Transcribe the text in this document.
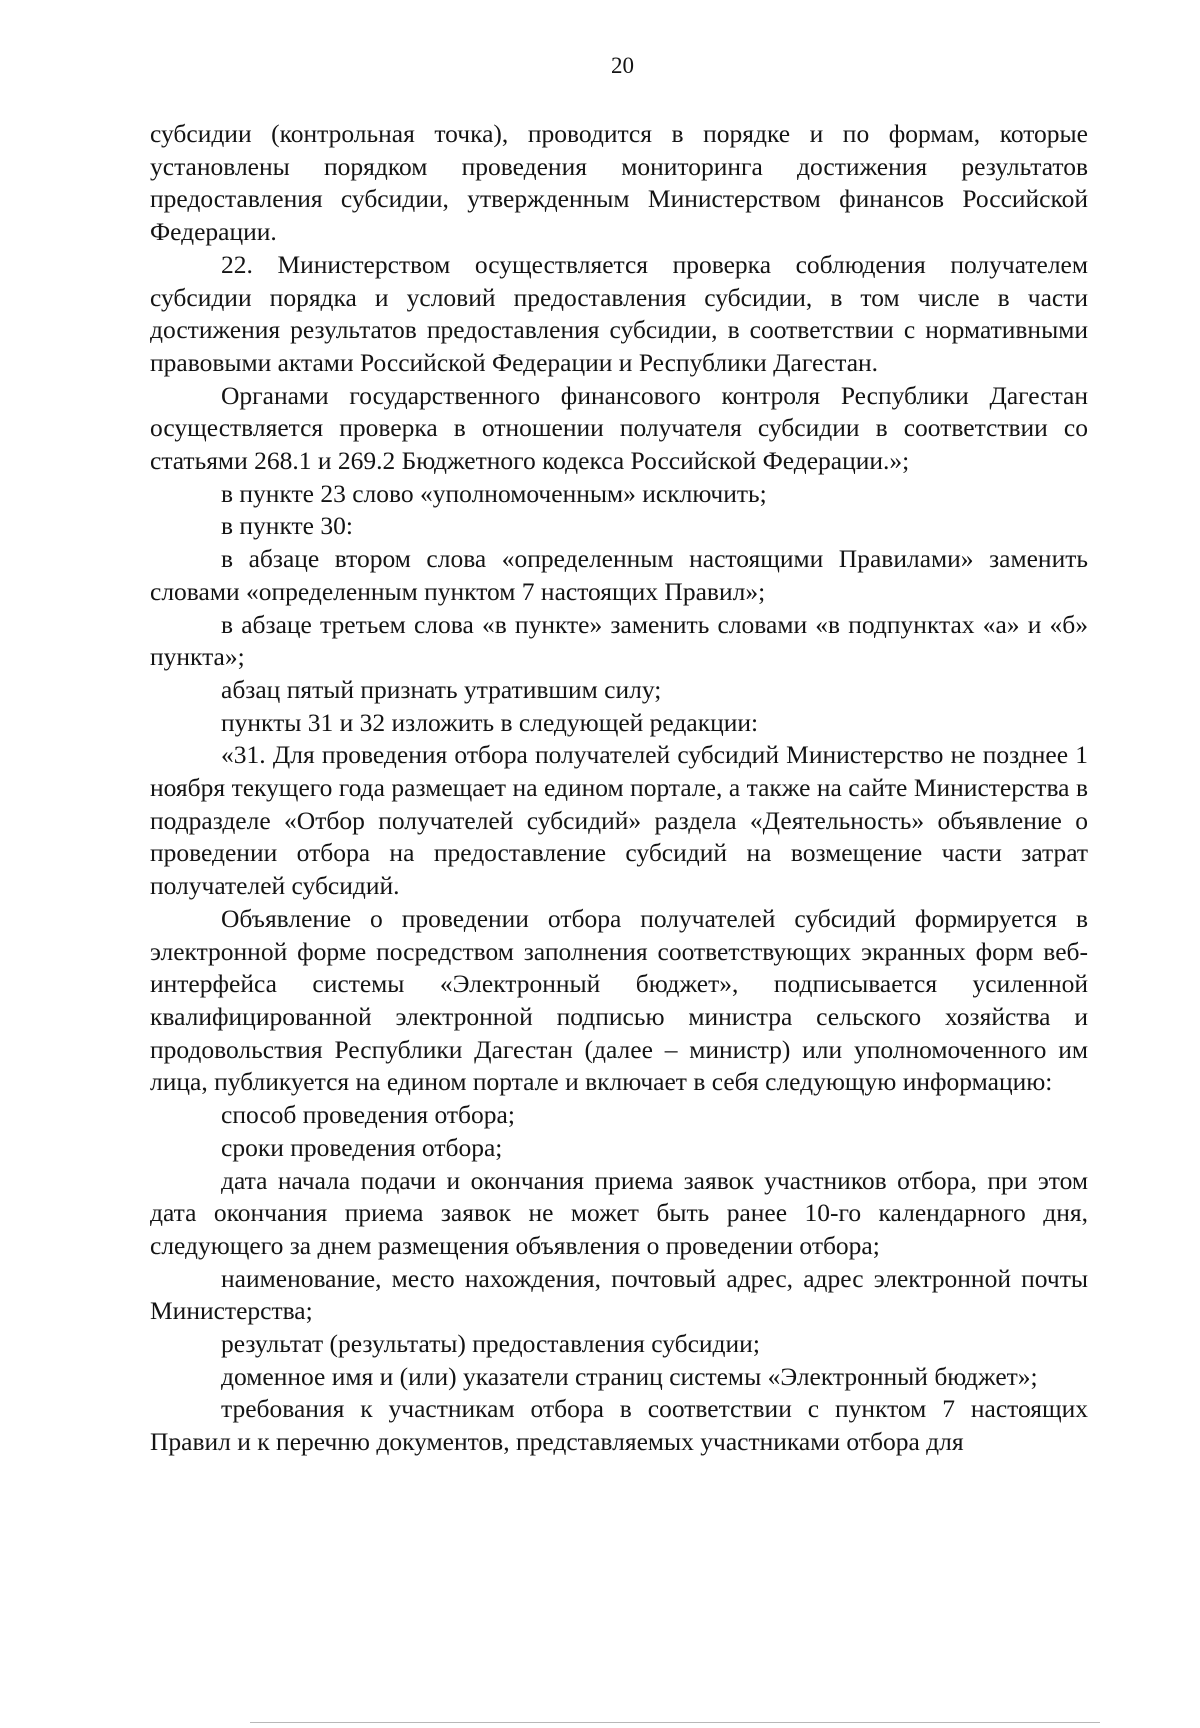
20

субсидии (контрольная точка), проводится в порядке и по формам, которые установлены порядком проведения мониторинга достижения результатов предоставления субсидии, утвержденным Министерством финансов Российской Федерации.

22. Министерством осуществляется проверка соблюдения получателем субсидии порядка и условий предоставления субсидии, в том числе в части достижения результатов предоставления субсидии, в соответствии с нормативными правовыми актами Российской Федерации и Республики Дагестан.

Органами государственного финансового контроля Республики Дагестан осуществляется проверка в отношении получателя субсидии в соответствии со статьями 268.1 и 269.2 Бюджетного кодекса Российской Федерации.»;

в пункте 23 слово «уполномоченным» исключить;

в пункте 30:

в абзаце втором слова «определенным настоящими Правилами» заменить словами «определенным пунктом 7 настоящих Правил»;

в абзаце третьем слова «в пункте» заменить словами «в подпунктах «а» и «б» пункта»;

абзац пятый признать утратившим силу;

пункты 31 и 32 изложить в следующей редакции:

«31. Для проведения отбора получателей субсидий Министерство не позднее 1 ноября текущего года размещает на едином портале, а также на сайте Министерства в подразделе «Отбор получателей субсидий» раздела «Деятельность» объявление о проведении отбора на предоставление субсидий на возмещение части затрат получателей субсидий.

Объявление о проведении отбора получателей субсидий формируется в электронной форме посредством заполнения соответствующих экранных форм веб-интерфейса системы «Электронный бюджет», подписывается усиленной квалифицированной электронной подписью министра сельского хозяйства и продовольствия Республики Дагестан (далее – министр) или уполномоченного им лица, публикуется на едином портале и включает в себя следующую информацию:

способ проведения отбора;

сроки проведения отбора;

дата начала подачи и окончания приема заявок участников отбора, при этом дата окончания приема заявок не может быть ранее 10-го календарного дня, следующего за днем размещения объявления о проведении отбора;

наименование, место нахождения, почтовый адрес, адрес электронной почты Министерства;

результат (результаты) предоставления субсидии;

доменное имя и (или) указатели страниц системы «Электронный бюджет»;

требования к участникам отбора в соответствии с пунктом 7 настоящих Правил и к перечню документов, представляемых участниками отбора для
